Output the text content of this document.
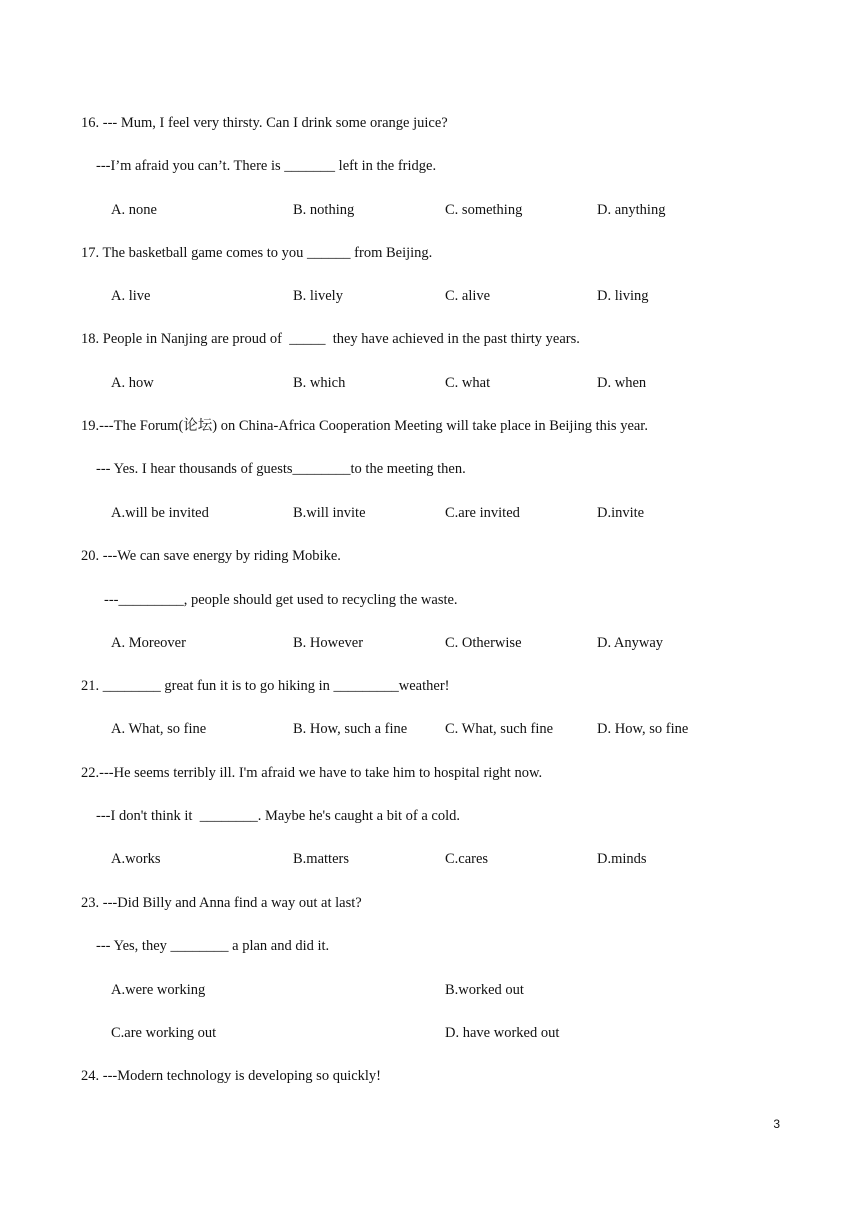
16. --- Mum, I feel very thirsty. Can I drink some orange juice?
---I’m afraid you can’t. There is _______ left in the fridge.
A. none	B. nothing	C. something	D. anything
17. The basketball game comes to you ______ from Beijing.
A. live	B. lively	C. alive	D. living
18. People in Nanjing are proud of  _____  they have achieved in the past thirty years.
A. how	B. which	C. what	D. when
19.---The Forum(论坛) on China-Africa Cooperation Meeting will take place in Beijing this year.
--- Yes. I hear thousands of guests________to the meeting then.
A.will be invited	B.will invite	C.are invited	D.invite
20. ---We can save energy by riding Mobike.
---_________, people should get used to recycling the waste.
A. Moreover	B. However	C. Otherwise	D. Anyway
21. ________ great fun it is to go hiking in _________weather!
A. What, so fine	B. How, such a fine	C. What, such fine	D. How, so fine
22.---He seems terribly ill. I'm afraid we have to take him to hospital right now.
---I don't think it  ________. Maybe he's caught a bit of a cold.
A.works	B.matters	C.cares	D.minds
23. ---Did Billy and Anna find a way out at last?
--- Yes, they ________ a plan and did it.
A.were working	B.worked out
C.are working out	D. have worked out
24. ---Modern technology is developing so quickly!
3
